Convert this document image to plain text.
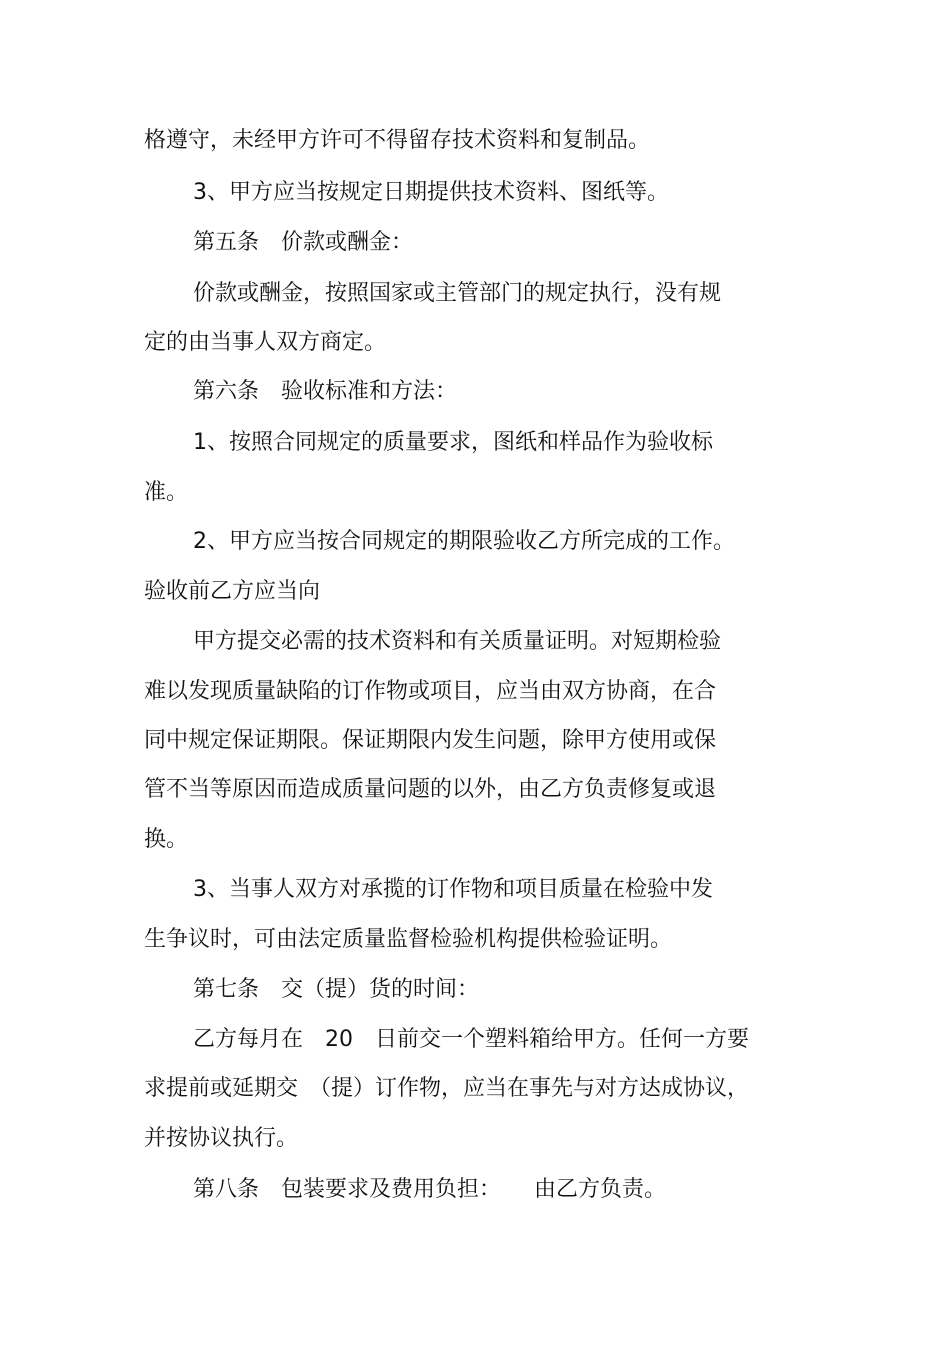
格遵守，未经甲方许可不得留存技术资料和复制品。
3、甲方应当按规定日期提供技术资料、图纸等。
第五条　价款或酬金：
价款或酬金，按照国家或主管部门的规定执行，没有规
定的由当事人双方商定。
第六条　验收标准和方法：
1、按照合同规定的质量要求，图纸和样品作为验收标
准。
2、甲方应当按合同规定的期限验收乙方所完成的工作。
验收前乙方应当向
甲方提交必需的技术资料和有关质量证明。对短期检验
难以发现质量缺陷的订作物或项目，应当由双方协商，在合
同中规定保证期限。保证期限内发生问题，除甲方使用或保
管不当等原因而造成质量问题的以外，由乙方负责修复或退
换。
3、当事人双方对承揽的订作物和项目质量在检验中发
生争议时，可由法定质量监督检验机构提供检验证明。
第七条　交（提）货的时间：
乙方每月在　20　日前交一个塑料箱给甲方。任何一方要
求提前或延期交　（提）订作物，应当在事先与对方达成协议，
并按协议执行。
第八条　包装要求及费用负担：　　由乙方负责。
